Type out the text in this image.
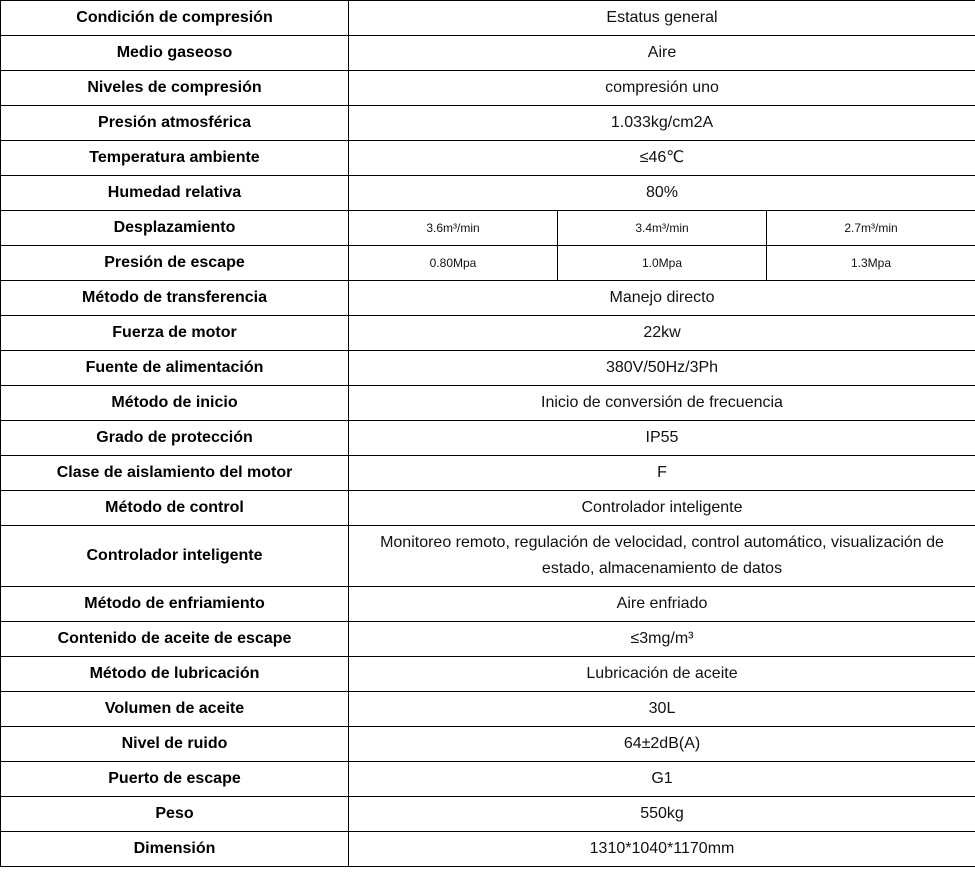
Condición de compresión	Estatus general		
Medio gaseoso	Aire		
Niveles de compresión	compresión uno		
Presión atmosférica	1.033kg/cm2A		
Temperatura ambiente	≤46℃		
Humedad relativa	80%		
Desplazamiento	3.6m³/min	3.4m³/min	2.7m³/min
Presión de escape	0.80Mpa	1.0Mpa	1.3Mpa
Método de transferencia	Manejo directo		
Fuerza de motor	22kw		
Fuente de alimentación	380V/50Hz/3Ph		
Método de inicio	Inicio de conversión de frecuencia		
Grado de protección	IP55		
Clase de aislamiento del motor	F		
Método de control	Controlador inteligente		
Controlador inteligente	Monitoreo remoto, regulación de velocidad, control automático, visualización de estado, almacenamiento de datos		
Método de enfriamiento	Aire enfriado		
Contenido de aceite de escape	≤3mg/m³		
Método de lubricación	Lubricación de aceite		
Volumen de aceite	30L		
Nivel de ruido	64±2dB(A)		
Puerto de escape	G1		
Peso	550kg		
Dimensión	1310*1040*1170mm		
